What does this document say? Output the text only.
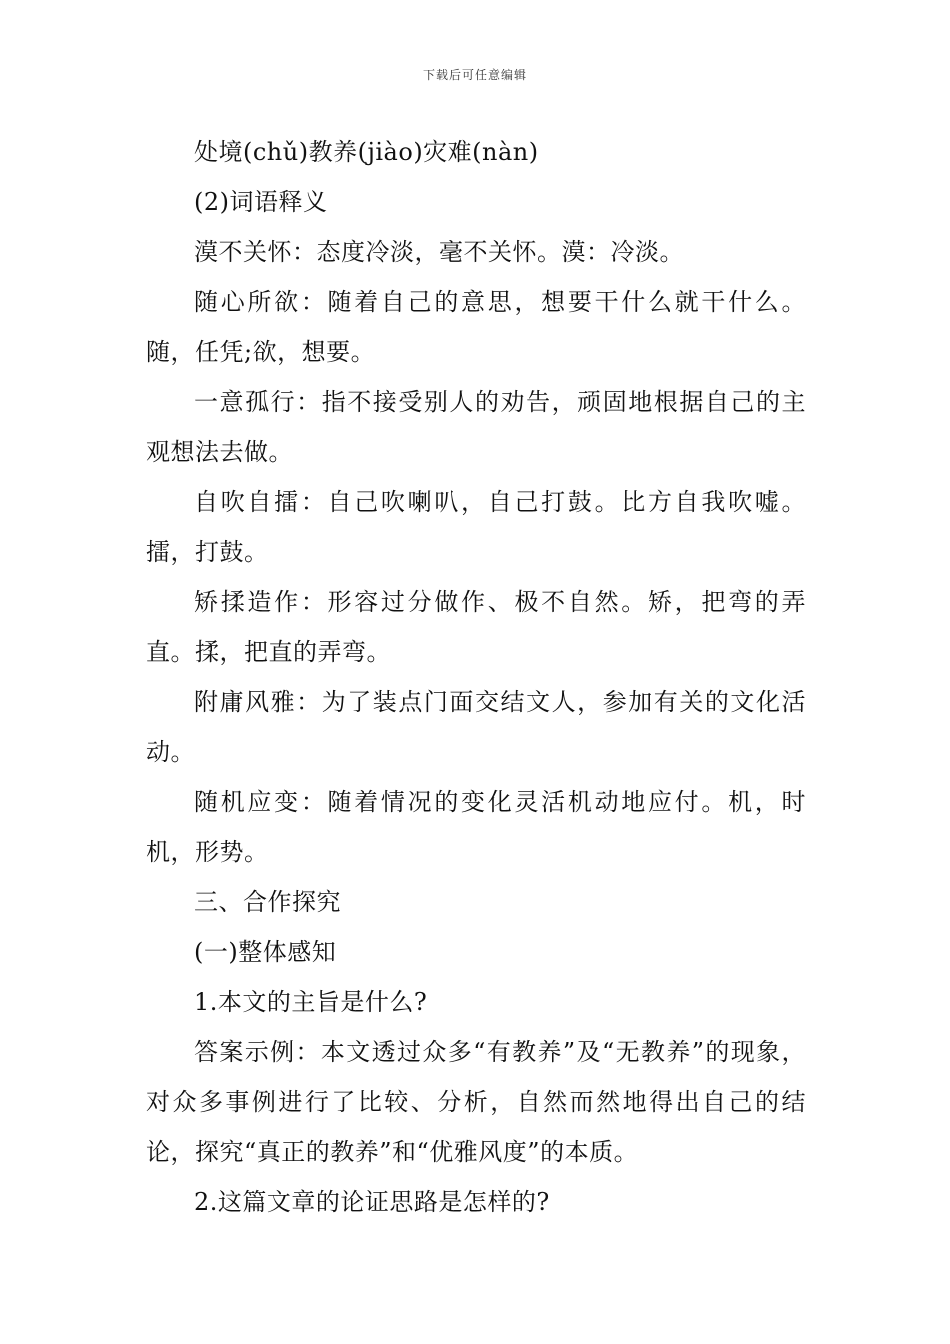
下载后可任意编辑

处境(chǔ)教养(jiào)灾难(nàn)

(2)词语释义

漠不关怀：态度冷淡，毫不关怀。漠：冷淡。

随心所欲：随着自己的意思，想要干什么就干什么。随，任凭;欲，想要。

一意孤行：指不接受别人的劝告，顽固地根据自己的主观想法去做。

自吹自擂：自己吹喇叭，自己打鼓。比方自我吹嘘。擂，打鼓。

矫揉造作：形容过分做作、极不自然。矫，把弯的弄直。揉，把直的弄弯。

附庸风雅：为了装点门面交结文人，参加有关的文化活动。

随机应变：随着情况的变化灵活机动地应付。机，时机，形势。

三、合作探究

(一)整体感知

1.本文的主旨是什么?

答案示例：本文透过众多“有教养”及“无教养”的现象，对众多事例进行了比较、分析，自然而然地得出自己的结论，探究“真正的教养”和“优雅风度”的本质。

2.这篇文章的论证思路是怎样的?
